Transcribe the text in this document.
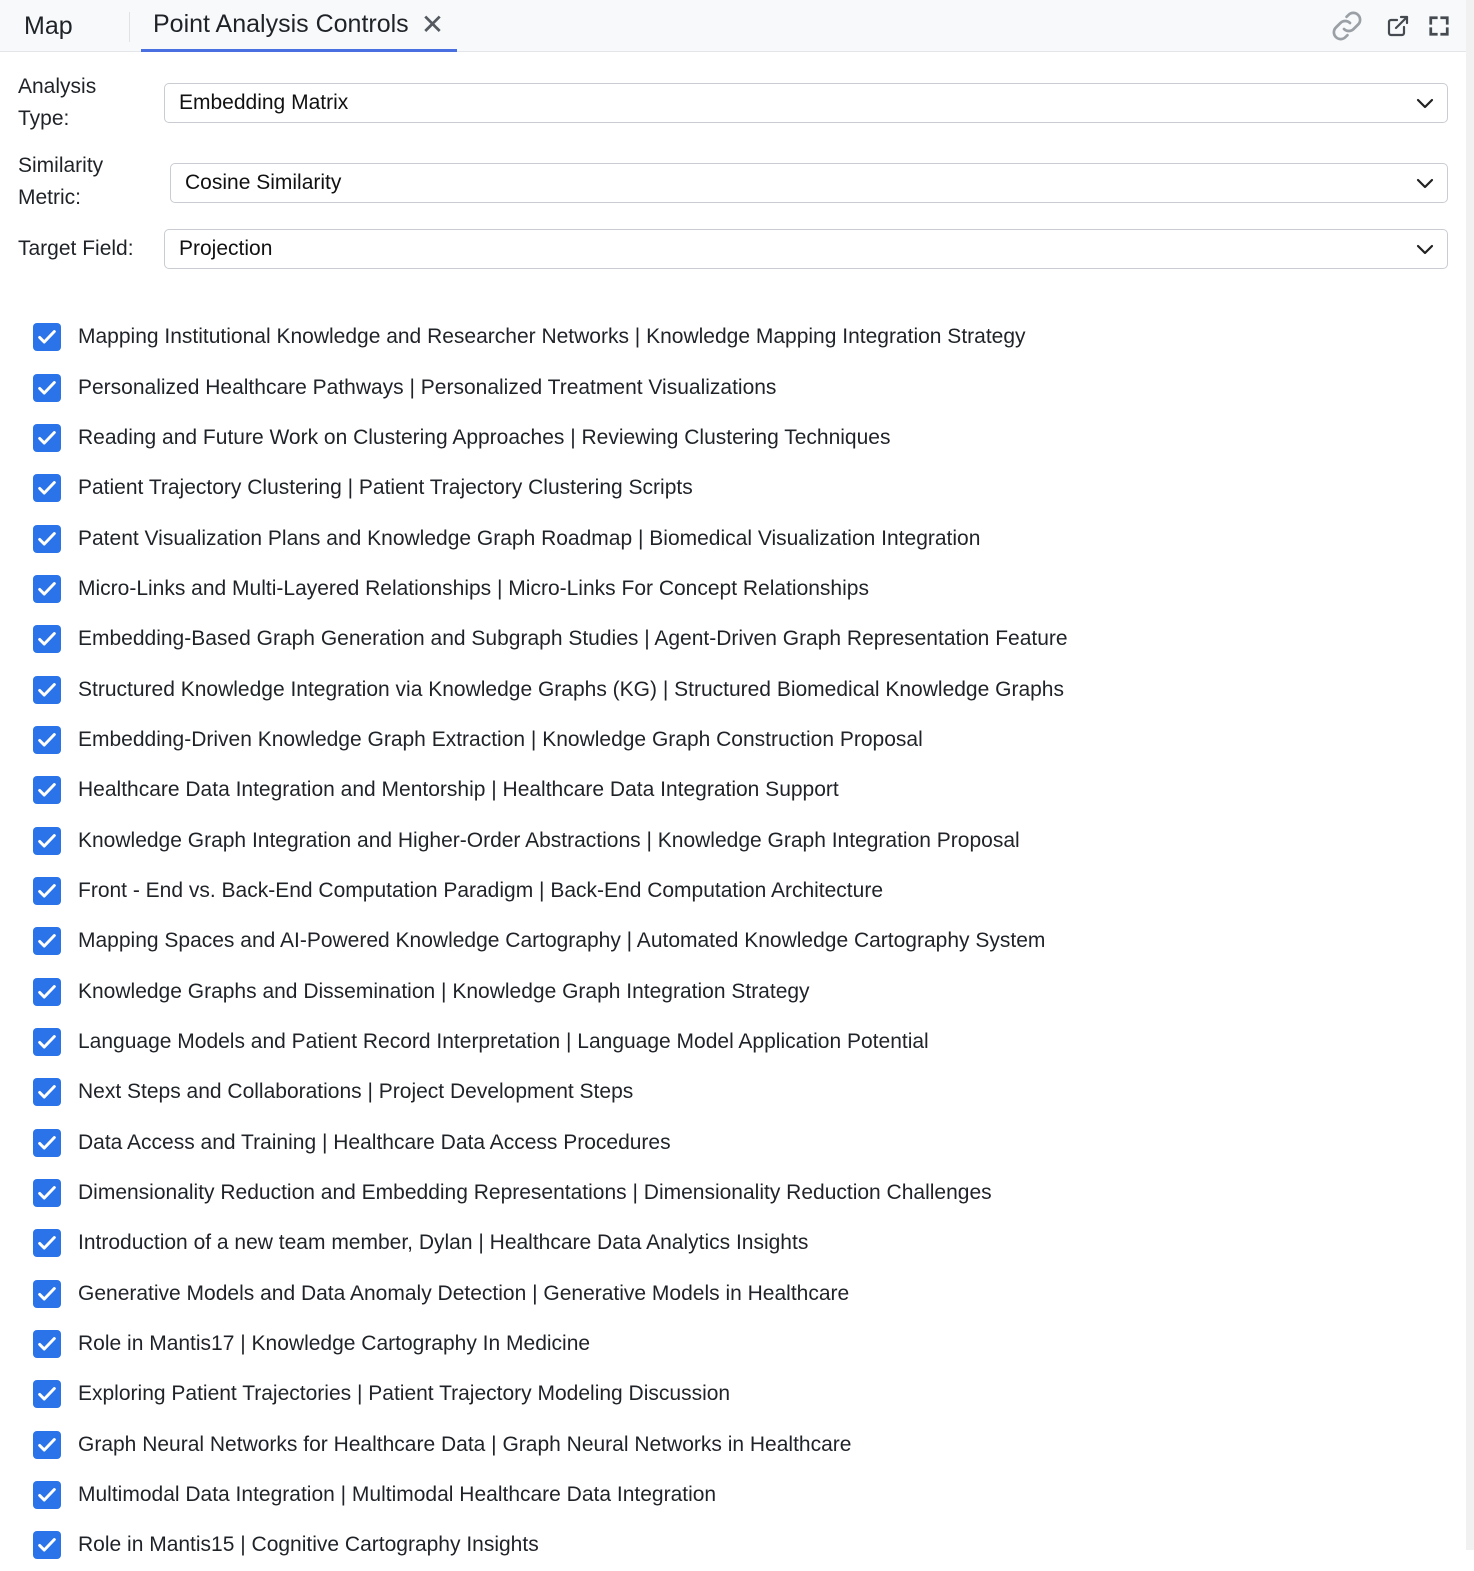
Map	Point Analysis Controls ✕
Analysis Type:
Embedding Matrix
Similarity Metric:
Cosine Similarity
Target Field: Projection
Mapping Institutional Knowledge and Researcher Networks | Knowledge Mapping Integration Strategy
Personalized Healthcare Pathways | Personalized Treatment Visualizations
Reading and Future Work on Clustering Approaches | Reviewing Clustering Techniques
Patient Trajectory Clustering | Patient Trajectory Clustering Scripts
Patent Visualization Plans and Knowledge Graph Roadmap | Biomedical Visualization Integration
Micro-Links and Multi-Layered Relationships | Micro-Links For Concept Relationships
Embedding-Based Graph Generation and Subgraph Studies | Agent-Driven Graph Representation Feature
Structured Knowledge Integration via Knowledge Graphs (KG) | Structured Biomedical Knowledge Graphs
Embedding-Driven Knowledge Graph Extraction | Knowledge Graph Construction Proposal
Healthcare Data Integration and Mentorship | Healthcare Data Integration Support
Knowledge Graph Integration and Higher-Order Abstractions | Knowledge Graph Integration Proposal
Front - End vs. Back-End Computation Paradigm | Back-End Computation Architecture
Mapping Spaces and AI-Powered Knowledge Cartography | Automated Knowledge Cartography System
Knowledge Graphs and Dissemination | Knowledge Graph Integration Strategy
Language Models and Patient Record Interpretation | Language Model Application Potential
Next Steps and Collaborations | Project Development Steps
Data Access and Training | Healthcare Data Access Procedures
Dimensionality Reduction and Embedding Representations | Dimensionality Reduction Challenges
Introduction of a new team member, Dylan | Healthcare Data Analytics Insights
Generative Models and Data Anomaly Detection | Generative Models in Healthcare
Role in Mantis17 | Knowledge Cartography In Medicine
Exploring Patient Trajectories | Patient Trajectory Modeling Discussion
Graph Neural Networks for Healthcare Data | Graph Neural Networks in Healthcare
Multimodal Data Integration | Multimodal Healthcare Data Integration
Role in Mantis15 | Cognitive Cartography Insights
